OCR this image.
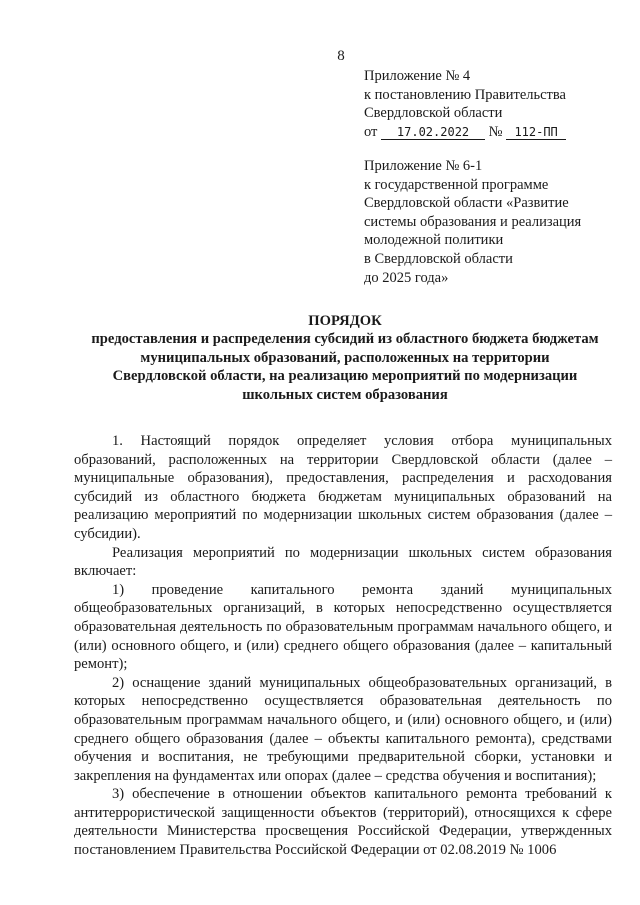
8
Приложение № 4
к постановлению Правительства
Свердловской области
от 17.02.2022 № 112-ПП
Приложение № 6-1
к государственной программе
Свердловской области «Развитие
системы образования и реализация
молодежной политики
в Свердловской области
до 2025 года»
ПОРЯДОК
предоставления и распределения субсидий из областного бюджета бюджетам
муниципальных образований, расположенных на территории
Свердловской области, на реализацию мероприятий по модернизации
школьных систем образования

1. Настоящий порядок определяет условия отбора муниципальных образований, расположенных на территории Свердловской области (далее – муниципальные образования), предоставления, распределения и расходования субсидий из областного бюджета бюджетам муниципальных образований на реализацию мероприятий по модернизации школьных систем образования (далее – субсидии).

Реализация мероприятий по модернизации школьных систем образования включает:

1) проведение капитального ремонта зданий муниципальных общеобразовательных организаций, в которых непосредственно осуществляется образовательная деятельность по образовательным программам начального общего, и (или) основного общего, и (или) среднего общего образования (далее – капитальный ремонт);

2) оснащение зданий муниципальных общеобразовательных организаций, в которых непосредственно осуществляется образовательная деятельность по образовательным программам начального общего, и (или) основного общего, и (или) среднего общего образования (далее – объекты капитального ремонта), средствами обучения и воспитания, не требующими предварительной сборки, установки и закрепления на фундаментах или опорах (далее – средства обучения и воспитания);

3) обеспечение в отношении объектов капитального ремонта требований к антитеррористической защищенности объектов (территорий), относящихся к сфере деятельности Министерства просвещения Российской Федерации, утвержденных постановлением Правительства Российской Федерации от 02.08.2019 № 1006
